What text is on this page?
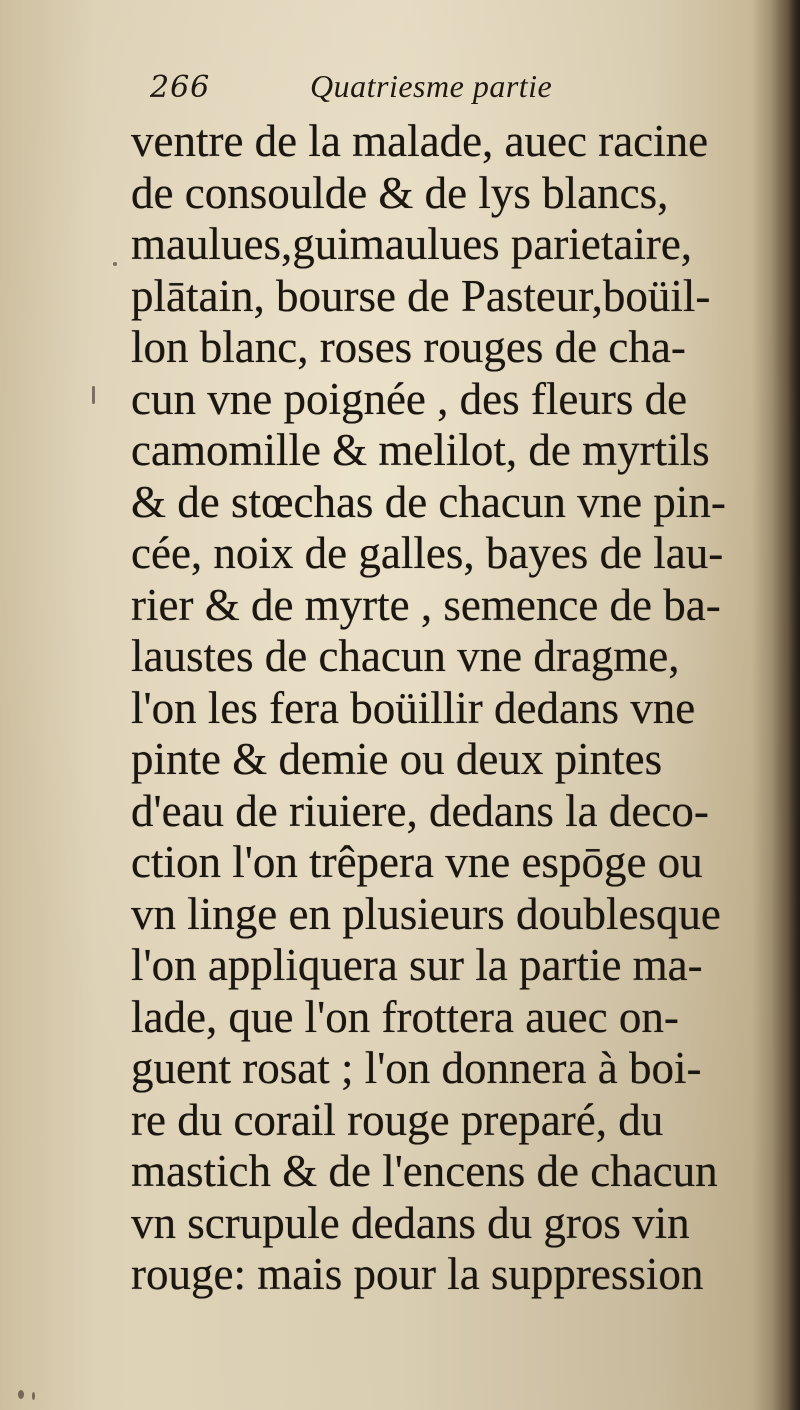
266	Quatriesme partie
ventre de la malade, auec racine
de consoulde & de lys blancs,
maulues,guimaulues parietaire,
plātain, bourse de Pasteur,boüil-
lon blanc, roses rouges de cha-
cun vne poignée , des fleurs de
camomille & melilot, de myrtils
& de stœchas de chacun vne pin-
cée, noix de galles, bayes de lau-
rier & de myrte , semence de ba-
laustes de chacun vne dragme,
l'on les fera boüillir dedans vne
pinte & demie ou deux pintes
d'eau de riuiere, dedans la deco-
ction l'on trêpera vne espōge ou
vn linge en plusieurs doublesque
l'on appliquera sur la partie ma-
lade, que l'on frottera auec on-
guent rosat ; l'on donnera à boi-
re du corail rouge preparé, du
mastich & de l'encens de chacun
vn scrupule dedans du gros vin
rouge: mais pour la suppression
